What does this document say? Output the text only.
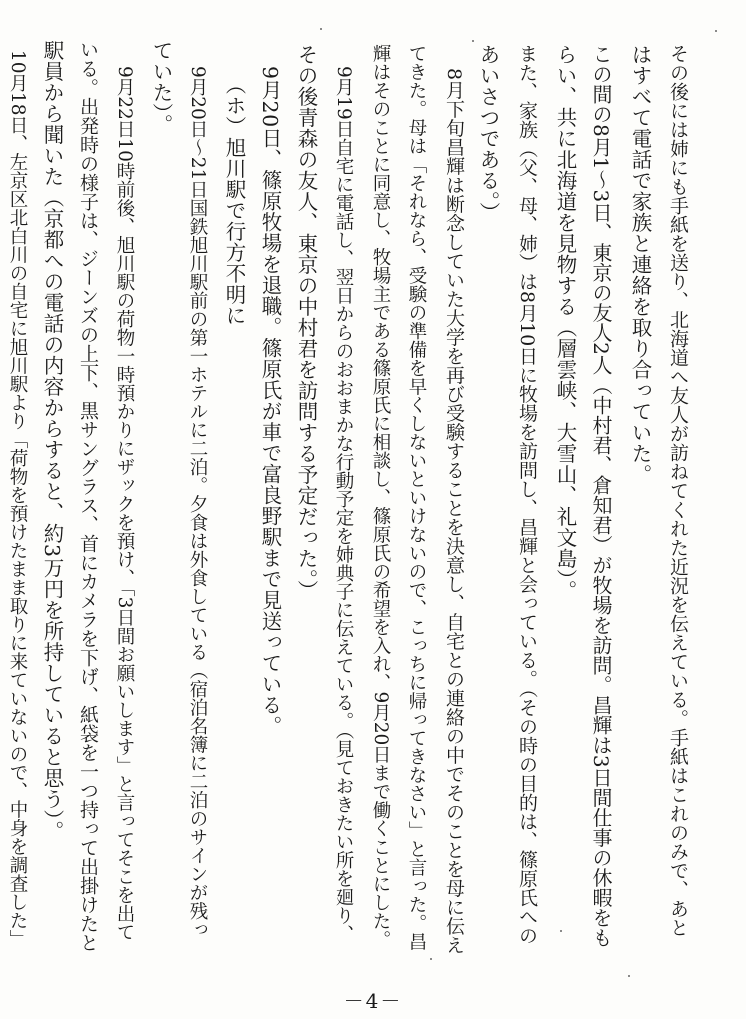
その後には姉にも手紙を送り、北海道へ友人が訪ねてくれた近況を伝えている。手紙はこれのみで、あと
はすべて電話で家族と連絡を取り合っていた。
この間の8月1～3日、東京の友人2人（中村君、倉知君）が牧場を訪問。昌輝は3日間仕事の休暇をも
らい、共に北海道を見物する（層雲峡、大雪山、礼文島）。
また、家族（父、母、姉）は8月10日に牧場を訪問し、昌輝と会っている。（その時の目的は、篠原氏への
あいさつである。）
8月下旬昌輝は断念していた大学を再び受験することを決意し、自宅との連絡の中でそのことを母に伝え
てきた。母は「それなら、受験の準備を早くしないといけないので、こっちに帰ってきなさい」と言った。昌
輝はそのことに同意し、牧場主である篠原氏に相談し、篠原氏の希望を入れ、9月20日まで働くことにした。
9月19日自宅に電話し、翌日からのおおまかな行動予定を姉典子に伝えている。（見ておきたい所を廻り、
その後青森の友人、東京の中村君を訪問する予定だった。）
9月20日、篠原牧場を退職。篠原氏が車で富良野駅まで見送っている。
（ホ）旭川駅で行方不明に
9月20日～21日国鉄旭川駅前の第一ホテルに二泊。夕食は外食している（宿泊名簿に二泊のサインが残っ
ていた）。
9月22日10時前後、旭川駅の荷物一時預かりにザックを預け、「3日間お願いします」と言ってそこを出て
いる。出発時の様子は、ジーンズの上下、黒サングラス、首にカメラを下げ、紙袋を一つ持って出掛けたと
駅員から聞いた（京都への電話の内容からすると、約3万円を所持していると思う）。
10月18日、左京区北白川の自宅に旭川駅より「荷物を預けたまま取りに来ていないので、中身を調査した」
－4－
